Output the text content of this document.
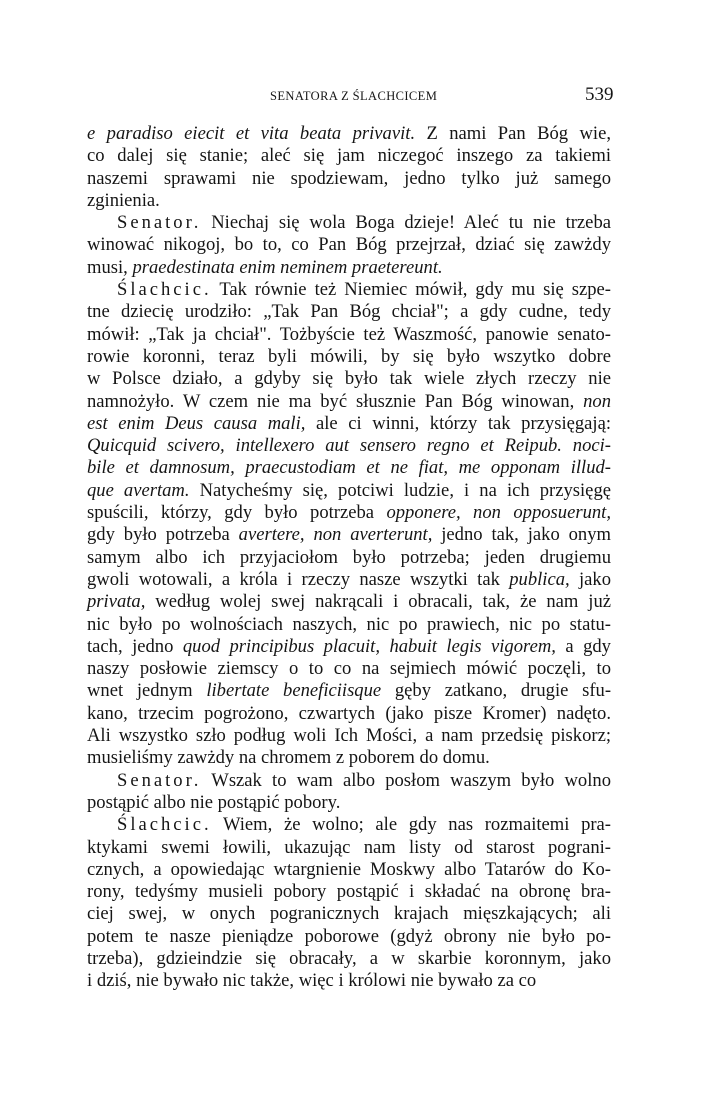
SENATORA Z ŚLACHCICEM	539
e paradiso eiecit et vita beata privavit. Z nami Pan Bóg wie,
co dalej się stanie; aleć się jam niczegoć inszego za takiemi
naszemi sprawami nie spodziewam, jedno tylko już samego
zginienia.
Senator. Niechaj się wola Boga dzieje! Aleć tu nie trzeba
winować nikogoj, bo to, co Pan Bóg przejrzał, dziać się zawżdy
musi, praedestinata enim neminem praetereunt.
Ślachcic. Tak równie też Niemiec mówił, gdy mu się szpe-
tne dziecię urodziło: „Tak Pan Bóg chciał"; a gdy cudne, tedy
mówił: „Tak ja chciał". Tożbyście też Waszmość, panowie senato-
rowie koronni, teraz byli mówili, by się było wszytko dobre
w Polsce działo, a gdyby się było tak wiele złych rzeczy nie
namnożyło. W czem nie ma być słusznie Pan Bóg winowan, non
est enim Deus causa mali, ale ci winni, którzy tak przysięgają:
Quicquid scivero, intellexero aut sensero regno et Reipub. noci-
bile et damnosum, praecustodiam et ne fiat, me opponam illud-
que avertam. Natycheśmy się, potciwi ludzie, i na ich przysięgę
spuścili, którzy, gdy było potrzeba opponere, non opposuerunt,
gdy było potrzeba avertere, non averterunt, jedno tak, jako onym
samym albo ich przyjaciołom było potrzeba; jeden drugiemu
gwoli wotowali, a króla i rzeczy nasze wszytki tak publica, jako
privata, według wolej swej nakrącali i obracali, tak, że nam już
nic było po wolnościach naszych, nic po prawiech, nic po statu-
tach, jedno quod principibus placuit, habuit legis vigorem, a gdy
naszy posłowie ziemscy o to co na sejmiech mówić poczęli, to
wnet jednym libertate beneficiisque gęby zatkano, drugie sfu-
kano, trzecim pogrożono, czwartych (jako pisze Kromer) nadęto.
Ali wszystko szło podług woli Ich Mości, a nam przedsię piskorz;
musieliśmy zawżdy na chromem z poborem do domu.
Senator. Wszak to wam albo posłom waszym było wolno
postąpić albo nie postąpić pobory.
Ślachcic. Wiem, że wolno; ale gdy nas rozmaitemi pra-
ktykami swemi łowili, ukazując nam listy od starost pograni-
cznych, a opowiedając wtargnienie Moskwy albo Tatarów do Ko-
rony, tedyśmy musieli pobory postąpić i składać na obronę bra-
ciej swej, w onych pogranicznych krajach mięszkających; ali
potem te nasze pieniądze poborowe (gdyż obrony nie było po-
trzeba), gdzieindzie się obracały, a w skarbie koronnym, jako
i dziś, nie bywało nic także, więc i królowi nie bywało za co
